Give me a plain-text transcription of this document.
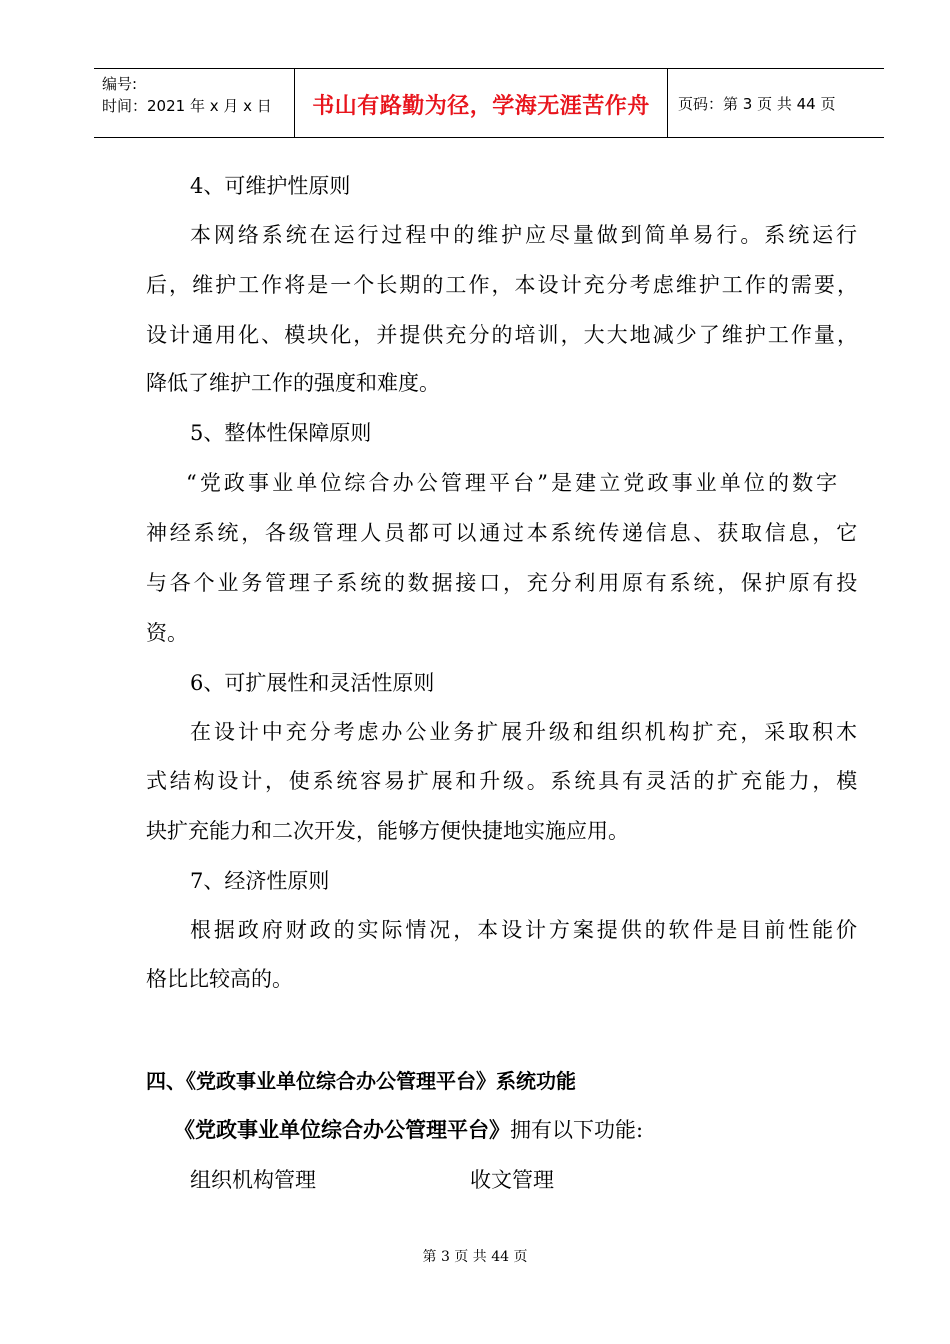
编号:
时间：2021 年 x 月 x 日	书山有路勤为径，学海无涯苦作舟	页码：第 3 页 共 44 页
4、可维护性原则
本网络系统在运行过程中的维护应尽量做到简单易行。系统运行
后，维护工作将是一个长期的工作，本设计充分考虑维护工作的需要，
设计通用化、模块化，并提供充分的培训，大大地减少了维护工作量，
降低了维护工作的强度和难度。
5、整体性保障原则
“党政事业单位综合办公管理平台”是建立党政事业单位的数字
神经系统，各级管理人员都可以通过本系统传递信息、获取信息，它
与各个业务管理子系统的数据接口，充分利用原有系统，保护原有投
资。
6、可扩展性和灵活性原则
在设计中充分考虑办公业务扩展升级和组织机构扩充，采取积木
式结构设计，使系统容易扩展和升级。系统具有灵活的扩充能力，模
块扩充能力和二次开发，能够方便快捷地实施应用。
7、经济性原则
根据政府财政的实际情况，本设计方案提供的软件是目前性能价
格比比较高的。
四、《党政事业单位综合办公管理平台》系统功能
《党政事业单位综合办公管理平台》拥有以下功能:
组织机构管理	收文管理
第 3 页 共 44 页
